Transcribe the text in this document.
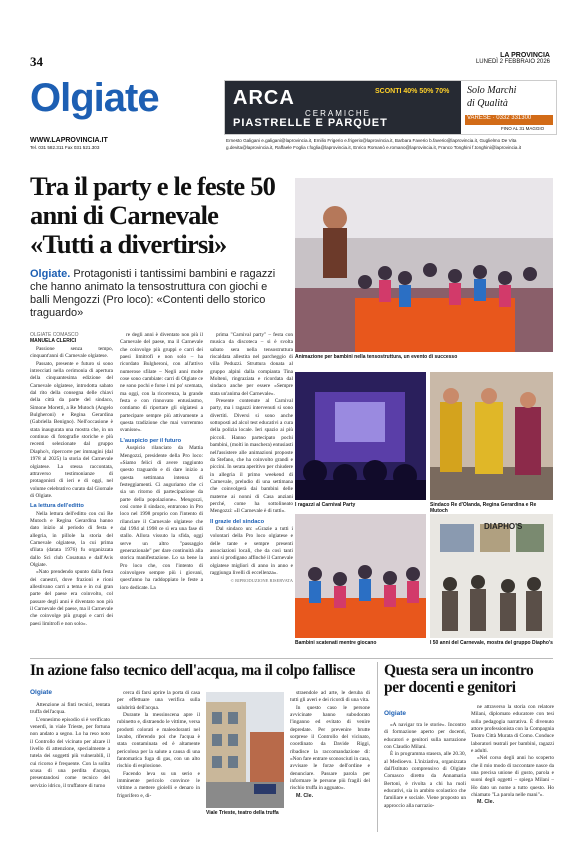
34	LA PROVINCIA
LUNEDÌ 2 FEBBRAIO 2026
Olgiate
WWW.LAPROVINCIA.IT
Tel. 031 582.311 Fax 031 521.303
Ernesto Galigani e.galigani@laprovincia.it, Emilio Frigerio e.frigerio@laprovincia.it, Barbara Faverio b.faverio@laprovincia.it, Guglielmo De Vita g.devita@laprovincia.it, Raffaele Foglia r.foglia@laprovincia.it, Enrico Romanò e.romano@laprovincia.it, Franco Tonghini f.tonghini@laprovincia.it
ARCA	SCONTI 40% 50% 70%
CERAMICHE
PIASTRELLE E PARQUET
Solo Marchi
di Qualità
VARESE · 0332 331300
FINO AL 31 MAGGIO
Tra il party e le feste 50 anni di Carnevale «Tutti a divertirsi»
Olgiate. Protagonisti i tantissimi bambini e ragazzi che hanno animato la tensostruttura con giochi e balli Mengozzi (Pro loco): «Contenti dello storico traguardo»
OLGIATE COMASCO
MANUELA CLERICI

Passione senza tempo, cinquant'anni di Carnevale olgiatese.

Passato, presente e futuro si sono intrecciati nella cerimonia di apertura della cinquantesima edizione del Carnevale olgiatese, introdotta sabato dal rito della consegna delle chiavi della città da parte del sindaco, Simone Moretti, a Re Mutoch (Angelo Bulgheroni) e Regina Gerardina (Gabriella Benigno). Nell'occasione è stata inaugurata una mostra che, in un continuo di fotografie storiche e più recenti selezionate dal gruppo Diapho's, ripercorre per immagini (dal 1978 al 2025) la storia del Carnevale olgiatese. La stessa raccontata, attraverso testimonianze di protagonisti di ieri e di oggi, nel volume celebrativo curato dal Giornale di Olgiate.

La lettura dell'editto

Nella lettura dell'editto con cui Re Mutoch e Regina Gerardina hanno dato inizio al periodo di festa e allegria, in pillole la storia del Carnevale olgiatese, la cui prima sfilata (datata 1976) fu organizzata dallo Sci club Cosatuna e dall'Avis Olgiate.

«Nato prendendo spunto dalla festa dei canestri, dove frazioni e rioni allestivano carri a tema e in cui gran parte del paese era coinvolto, col passare degli anni è diventato non più il Carnevale del paese, ma il Carnevale che coinvolge più gruppi e carri dei paesi limitrofi e non solo».

re degli anni è diventato non più il Carnevale del paese, ma il Carnevale che coinvolge più gruppi e carri dei paesi limitrofi e non solo – ha ricordato Bulgheroni, con all'attivo numerose sfilate – Negli anni molte cose sono cambiate: carri di Olgiate ce ne sono pochi e forse i mi po' scemata, ma oggi, con la ricorrenza, la grande festa e con rinnovato entusiasmo, contiamo di riportare gli olgiatesi a partecipare sempre più attivamente a questa tradizione che mai vorremmo svanisse».

L'auspicio per il futuro

Auspicio rilanciato da Mattia Mengozzi, presidente della Pro loco: «Siamo felici di avere raggiunto questo traguardo e di dare inizio a questa settimana intensa di festeggiamenti. Ci auguriamo che ci sia un ritorno di partecipazione da parte della popolazione». Mengozzi, così come il sindaco, entrarono in Pro loco nel 1998 proprio con l'intento di rilanciare il Carnevale olgiatese che dal 1994 al 1998 ce sì era una fase di stallo. Allora vissuto la sfida, oggi serve un altro "passaggio generazionale" per dare continuità alla storica manifestazione. Lo sa bene la Pro loco che, con l'intento di coinvolgere sempre più i giovani, quest'anno ha raddoppiato le feste a loro dedicate. La

prima "Carnival party" – festa con musica da discoteca – si è svolta sabato sera nella tensostruttura riscaldata allestita nel parcheggio di villa Peduzzi. Struttura donata al gruppo alpini dalla compianta Tina Molteni, ringraziata e ricordata dal sindaco anche per essere «Sempre stata un'anima del Carnevale».

Presente contenute al Carnival party, ma i ragazzi intervenuti si sono divertiti. Diversi si sono anche sottoposti ad alcol test educativi a cura della polizia locale. Ieri spazio ai più piccoli. Hanno partecipato pochi bambini, (molti in maschera) entusiasti nell'assistere alle animazioni proposte da Stefano, che ha coinvolto grandi e piccini. In serata aperitivo per chiudere in allegria il primo weekend di Carnevale, preludio di una settimana che coinvolgerà dai bambini delle materne ai nonni di Casa anziani perché, come ha sottolineato Mengozzi: «Il Carnevale è di tutti».

Il grazie del sindaco

Dal sindaco un: «Grazie a tutti i volontari della Pro loco olgiatese e delle tante e sempre presenti associazioni locali, che da così tanti anni si prodigano affinché il Carnevale olgiatese migliori di anno in anno e raggiunga livelli di eccellenza».

© RIPRODUZIONE RISERVATA

Animazione per bambini nella tensostruttura, un evento di successo
I ragazzi al Carnival Party	Sindaco Re d'Olanda, Regina Gerardina e Re Mutoch
Bambini scatenati mentre giocano
DIAPHO'S
I 50 anni del Carnevale, mostra del gruppo Diapho's
In azione falso tecnico dell'acqua, ma il colpo fallisce
Olgiate

Attenzione ai finti tecnici, tentata truffa dell'acqua.

L'ennesimo episodio si è verificato venerdì, in viale Trieste, per fortuna non andato a segno. Lo ha reso noto il Controllo del vicinato per alzare il livello di attenzione, specialmente a tutela dei soggetti più vulnerabili, il cui ricorso è frequente. Con la solita scusa di una perdita d'acqua, presentandosi come tecnico del servizio idrico, il truffatore di turno

cerca di farsi aprire la porta di casa per effettuare una verifica sulla salubrità dell'acqua.

Durante la messinscena apre il rubinetto e, distraendo le vittime, versa prodotti colorati e maleodoranti nel lavabo, riferendo poi che l'acqua è stata contaminata ed è altamente pericolosa per la salute a causa di una fantomatica fuga di gas, con un alto rischio di esplosione.

Facendo leva su un serio e imminente pericolo convince le vittime a mettere gioielli e denaro in frigorifero e, di-

Viale Trieste, teatro della truffa

straendole ad arte, le deruba di tutti gli averi e dei ricordi di una vita.

In questo caso le persone avvicinate hanno subodorato l'inganno ed evitato di venire depredate. Per prevenire brutte sorprese il Controllo del vicinato, coordinato da Davide Riggi, ribadisce la raccomandazione di: «Non fare entrare sconosciuti in casa, avvisare le forze dell'ordine e denunciare. Passare parola per informare le persone più fragili del rischio truffa in agguato».

M. Cle.

Questa sera un incontro per docenti e genitori
Olgiate

«A navigar tra le storie». Incontro di formazione aperto per docenti, educatori e genitori sulla narrazione con Claudio Milani.

È in programma stasera, alle 20.30, al Medioevo. L'iniziativa, organizzata dall'Istituto comprensivo di Olgiate Comasco diretto da Annamaria Bertoni, è rivolta a chi ha ruoli educativi, sia in ambito scolastico che familiare e sociale. Viene proposto un approccio alla narrazio-

ne attraverso la storia con relatore Milani, diplomato educatore con tesi sulla pedagogia narrativa. È divenuto attore professionista con la Compagnia Teatro Città Murata di Como. Conduce laboratori teatrali per bambini, ragazzi e adulti.

«Nel corso degli anni ho scoperto che il mio modo di raccontare nasce da una precisa unione di gusto, parola e suoni degli oggetti – spiega Milani – Ho dato un nome a tutto questo. Ho chiamato "La parola nelle mani"».

M. Cle.
